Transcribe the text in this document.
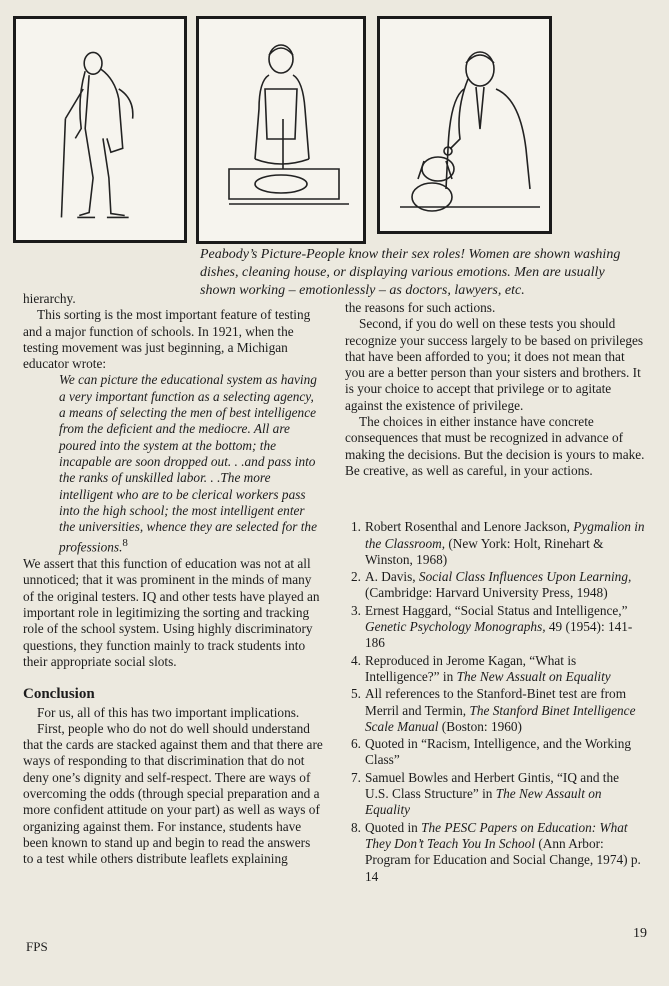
Peabody’s Picture-People know their sex roles! Women are shown washing dishes, cleaning house, or displaying various emotions. Men are usually shown working – emotionlessly – as doctors, lawyers, etc.

hierarchy.

This sorting is the most important feature of testing and a major function of schools. In 1921, when the testing movement was just beginning, a Michigan educator wrote:

We can picture the educational system as having a very important function as a selecting agency, a means of selecting the men of best intelligence from the deficient and the mediocre. All are poured into the system at the bottom; the incapable are soon dropped out. . .and pass into the ranks of unskilled labor. . .The more intelligent who are to be clerical workers pass into the high school; the most intelligent enter the universities, whence they are selected for the professions.$^8$

We assert that this function of education was not at all unnoticed; that it was prominent in the minds of many of the original testers. IQ and other tests have played an important role in legitimizing the sorting and tracking role of the school system. Using highly discriminatory questions, they function mainly to track students into their appropriate social slots.

Conclusion

For us, all of this has two important implications.

First, people who do not do well should understand that the cards are stacked against them and that there are ways of responding to that discrimination that do not deny one’s dignity and self-respect. There are ways of overcoming the odds (through special preparation and a more confident attitude on your part) as well as ways of organizing against them. For instance, students have been known to stand up and begin to read the answers to a test while others distribute leaflets explaining

the reasons for such actions.

Second, if you do well on these tests you should recognize your success largely to be based on privileges that have been afforded to you; it does not mean that you are a better person than your sisters and brothers. It is your choice to accept that privilege or to agitate against the existence of privilege.

The choices in either instance have concrete consequences that must be recognized in advance of making the decisions. But the decision is yours to make. Be creative, as well as careful, in your actions.

1. Robert Rosenthal and Lenore Jackson, Pygmalion in the Classroom, (New York: Holt, Rinehart & Winston, 1968)
2. A. Davis, Social Class Influences Upon Learning, (Cambridge: Harvard University Press, 1948)
3. Ernest Haggard, “Social Status and Intelligence,” Genetic Psychology Monographs, 49 (1954): 141-186
4. Reproduced in Jerome Kagan, “What is Intelligence?” in The New Assualt on Equality
5. All references to the Stanford-Binet test are from Merril and Termin, The Stanford Binet Intelligence Scale Manual (Boston: 1960)
6. Quoted in “Racism, Intelligence, and the Working Class”
7. Samuel Bowles and Herbert Gintis, “IQ and the U.S. Class Structure” in The New Assault on Equality
8. Quoted in The PESC Papers on Education: What They Don’t Teach You In School (Ann Arbor: Program for Education and Social Change, 1974) p. 14
FPS
19
